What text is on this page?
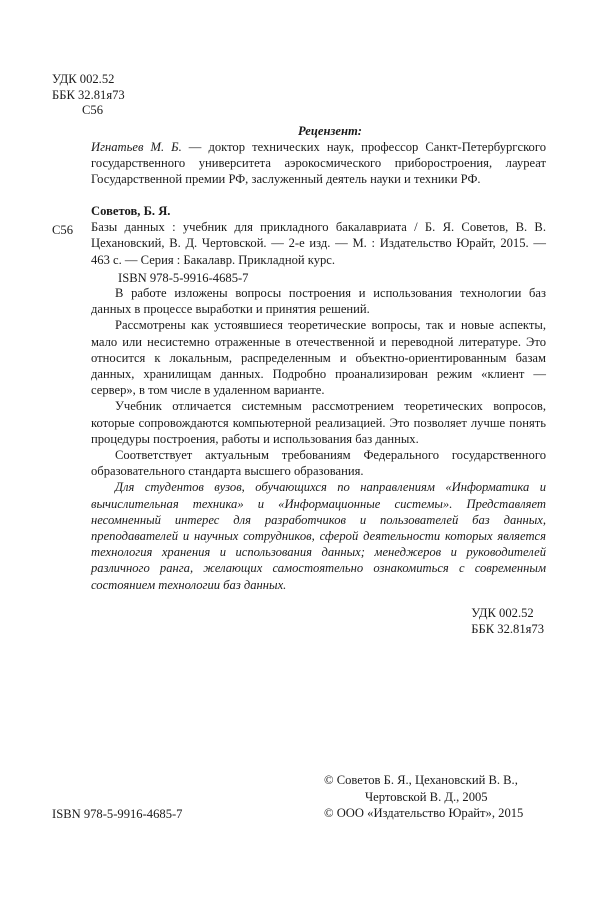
УДК 002.52
ББК 32.81я73
С56
Рецензент:
Игнатьев М. Б. — доктор технических наук, профессор Санкт-Петербургского государственного университета аэрокосмического приборостроения, лауреат Государственной премии РФ, заслуженный деятель науки и техники РФ.
С56
Советов, Б. Я.
Базы данных : учебник для прикладного бакалавриата / Б. Я. Советов, В. В. Цехановский, В. Д. Чертовской. — 2-е изд. — М. : Издательство Юрайт, 2015. — 463 с. — Серия : Бакалавр. Прикладной курс.
ISBN 978-5-9916-4685-7

В работе изложены вопросы построения и использования технологии баз данных в процессе выработки и принятия решений.

Рассмотрены как устоявшиеся теоретические вопросы, так и новые аспекты, мало или несистемно отраженные в отечественной и переводной литературе. Это относится к локальным, распределенным и объектно-ориентированным базам данных, хранилищам данных. Подробно проанализирован режим «клиент — сервер», в том числе в удаленном варианте.

Учебник отличается системным рассмотрением теоретических вопросов, которые сопровождаются компьютерной реализацией. Это позволяет лучше понять процедуры построения, работы и использования баз данных.

Соответствует актуальным требованиям Федерального государственного образовательного стандарта высшего образования.

Для студентов вузов, обучающихся по направлениям «Информатика и вычислительная техника» и «Информационные системы». Представляет несомненный интерес для разработчиков и пользователей баз данных, преподавателей и научных сотрудников, сферой деятельности которых является технология хранения и использования данных; менеджеров и руководителей различного ранга, желающих самостоятельно ознакомиться с современным состоянием технологии баз данных.

УДК 002.52
ББК 32.81я73
© Советов Б. Я., Цехановский В. В.,
Чертовской В. Д., 2005
© ООО «Издательство Юрайт», 2015
ISBN 978-5-9916-4685-7
